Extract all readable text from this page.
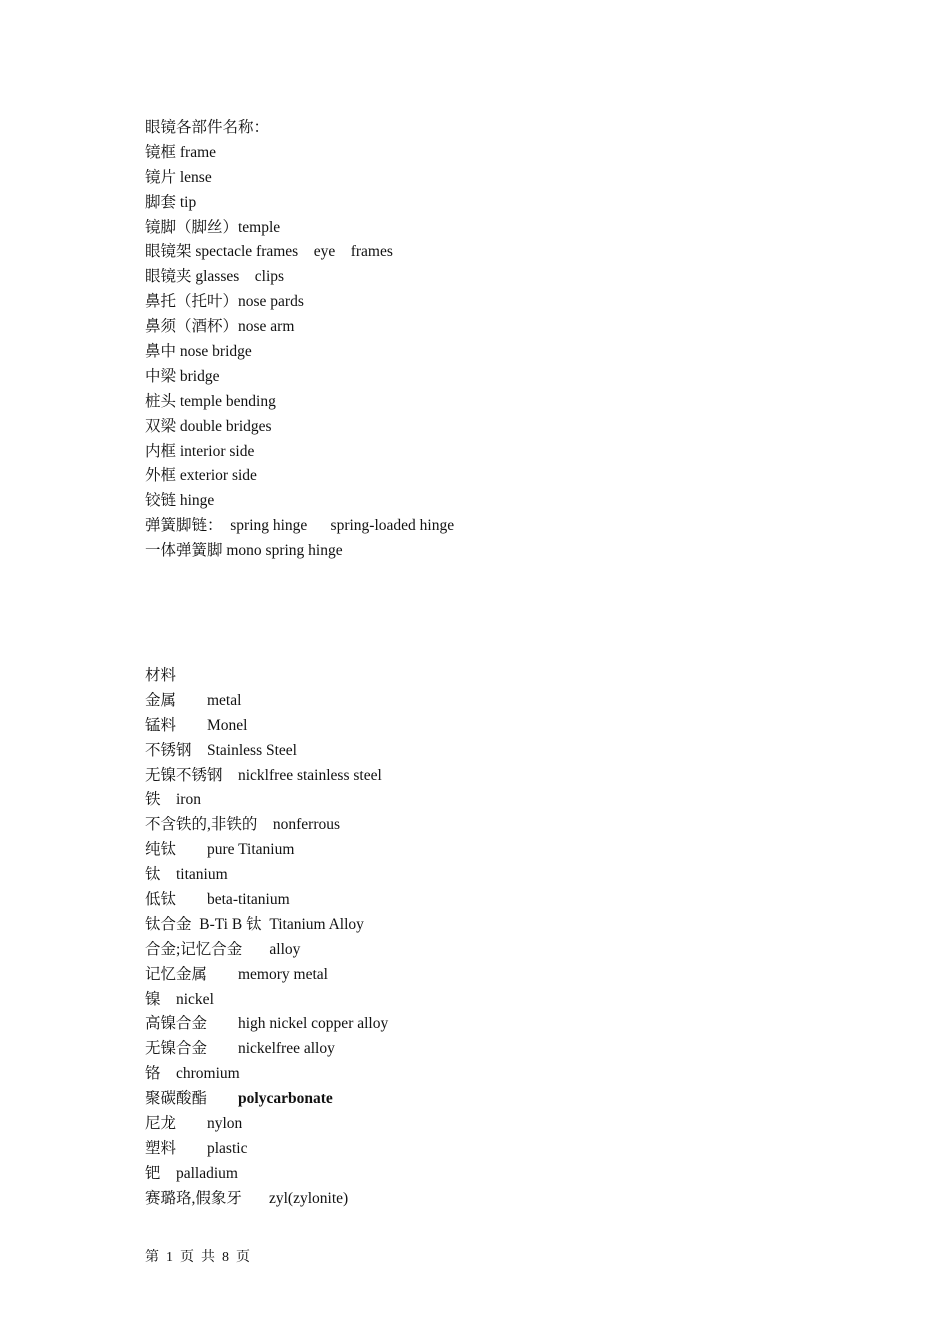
眼镜各部件名称：
镜框 frame
镜片 lense
脚套 tip
镜脚（脚丝）temple
眼镜架 spectacle frames    eye    frames
眼镜夹 glasses    clips
鼻托（托叶）nose pards
鼻须（酒杯）nose arm
鼻中 nose bridge
中梁 bridge
桩头 temple bending
双梁 double bridges
内框 interior side
外框 exterior side
铰链 hinge
弹簧脚链：  spring hinge      spring-loaded hinge
一体弹簧脚 mono spring hinge
材料
金属        metal
锰料        Monel
不锈钢    Stainless Steel
无镍不锈钢    nicklfree stainless steel
铁    iron
不含铁的,非铁的    nonferrous
纯钛        pure Titanium
钛    titanium
低钛        beta-titanium
钛合金  B-Ti B 钛  Titanium Alloy
合金;记忆合金       alloy
记忆金属        memory metal
镍    nickel
高镍合金        high nickel copper alloy
无镍合金        nickelfree alloy
铬    chromium
聚碳酸酯        polycarbonate
尼龙        nylon
塑料        plastic
钯    palladium
赛璐珞,假象牙       zyl(zylonite)
第  1  页  共  8  页
